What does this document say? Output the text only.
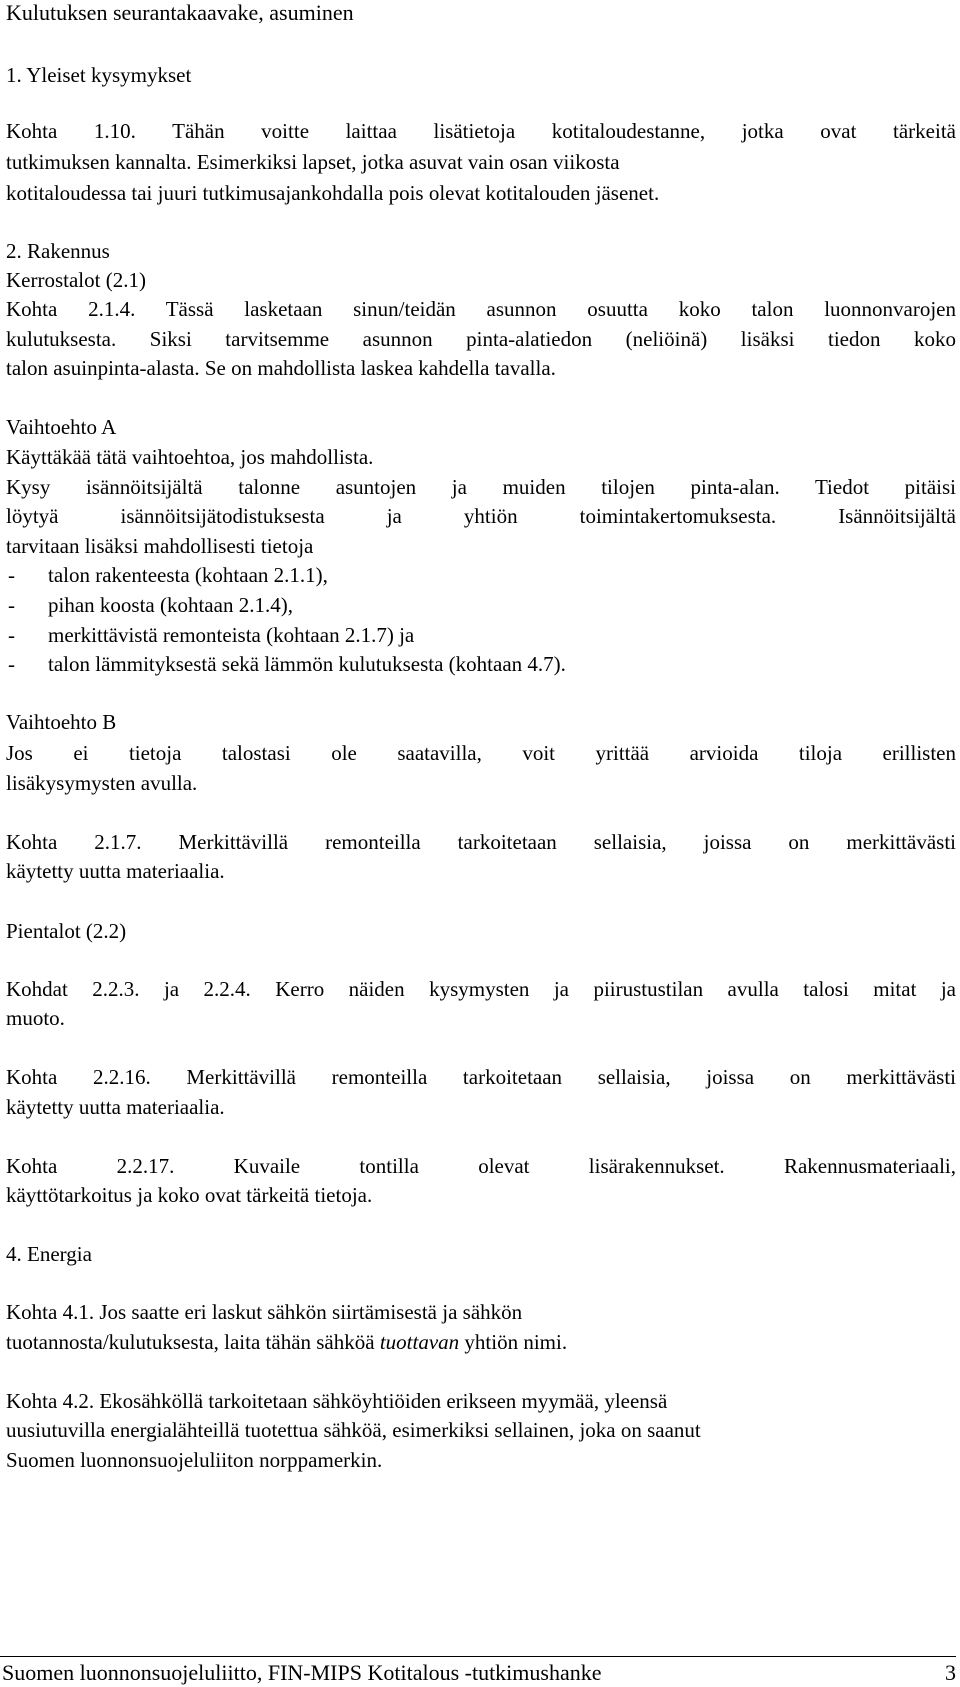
Kulutuksen seurantakaavake, asuminen

1. Yleiset kysymykset

Kohta 1.10. Tähän voitte laittaa lisätietoja kotitaloudestanne, jotka ovat tärkeitä

tutkimuksen kannalta. Esimerkiksi lapset, jotka asuvat vain osan viikosta

kotitaloudessa tai juuri tutkimusajankohdalla pois olevat kotitalouden jäsenet.

2. Rakennus

Kerrostalot (2.1)

Kohta 2.1.4. Tässä lasketaan sinun/teidän asunnon osuutta koko talon luonnonvarojen

kulutuksesta. Siksi tarvitsemme asunnon pinta-alatiedon (neliöinä) lisäksi tiedon koko

talon asuinpinta-alasta. Se on mahdollista laskea kahdella tavalla.

Vaihtoehto A

Käyttäkää tätä vaihtoehtoa, jos mahdollista.

Kysy isännöitsijältä talonne asuntojen ja muiden tilojen pinta-alan. Tiedot pitäisi

löytyä isännöitsijätodistuksesta ja yhtiön toimintakertomuksesta. Isännöitsijältä

tarvitaan lisäksi mahdollisesti tietoja

- talon rakenteesta (kohtaan 2.1.1),
- pihan koosta (kohtaan 2.1.4),
- merkittävistä remonteista (kohtaan 2.1.7) ja
- talon lämmityksestä sekä lämmön kulutuksesta (kohtaan 4.7).

Vaihtoehto B

Jos ei tietoja talostasi ole saatavilla, voit yrittää arvioida tiloja erillisten

lisäkysymysten avulla.

Kohta 2.1.7. Merkittävillä remonteilla tarkoitetaan sellaisia, joissa on merkittävästi

käytetty uutta materiaalia.

Pientalot (2.2)

Kohdat 2.2.3. ja 2.2.4. Kerro näiden kysymysten ja piirustustilan avulla talosi mitat ja

muoto.

Kohta 2.2.16. Merkittävillä remonteilla tarkoitetaan sellaisia, joissa on merkittävästi

käytetty uutta materiaalia.

Kohta 2.2.17. Kuvaile tontilla olevat lisärakennukset. Rakennusmateriaali,

käyttötarkoitus ja koko ovat tärkeitä tietoja.

4. Energia

Kohta 4.1. Jos saatte eri laskut sähkön siirtämisestä ja sähkön

tuotannosta/kulutuksesta, laita tähän sähköä tuottavan yhtiön nimi.

Kohta 4.2. Ekosähköllä tarkoitetaan sähköyhtiöiden erikseen myymää, yleensä

uusiutuvilla energialähteillä tuotettua sähköä, esimerkiksi sellainen, joka on saanut

Suomen luonnonsuojeluliiton norppamerkin.

Suomen luonnonsuojeluliitto, FIN-MIPS Kotitalous -tutkimushanke	3
